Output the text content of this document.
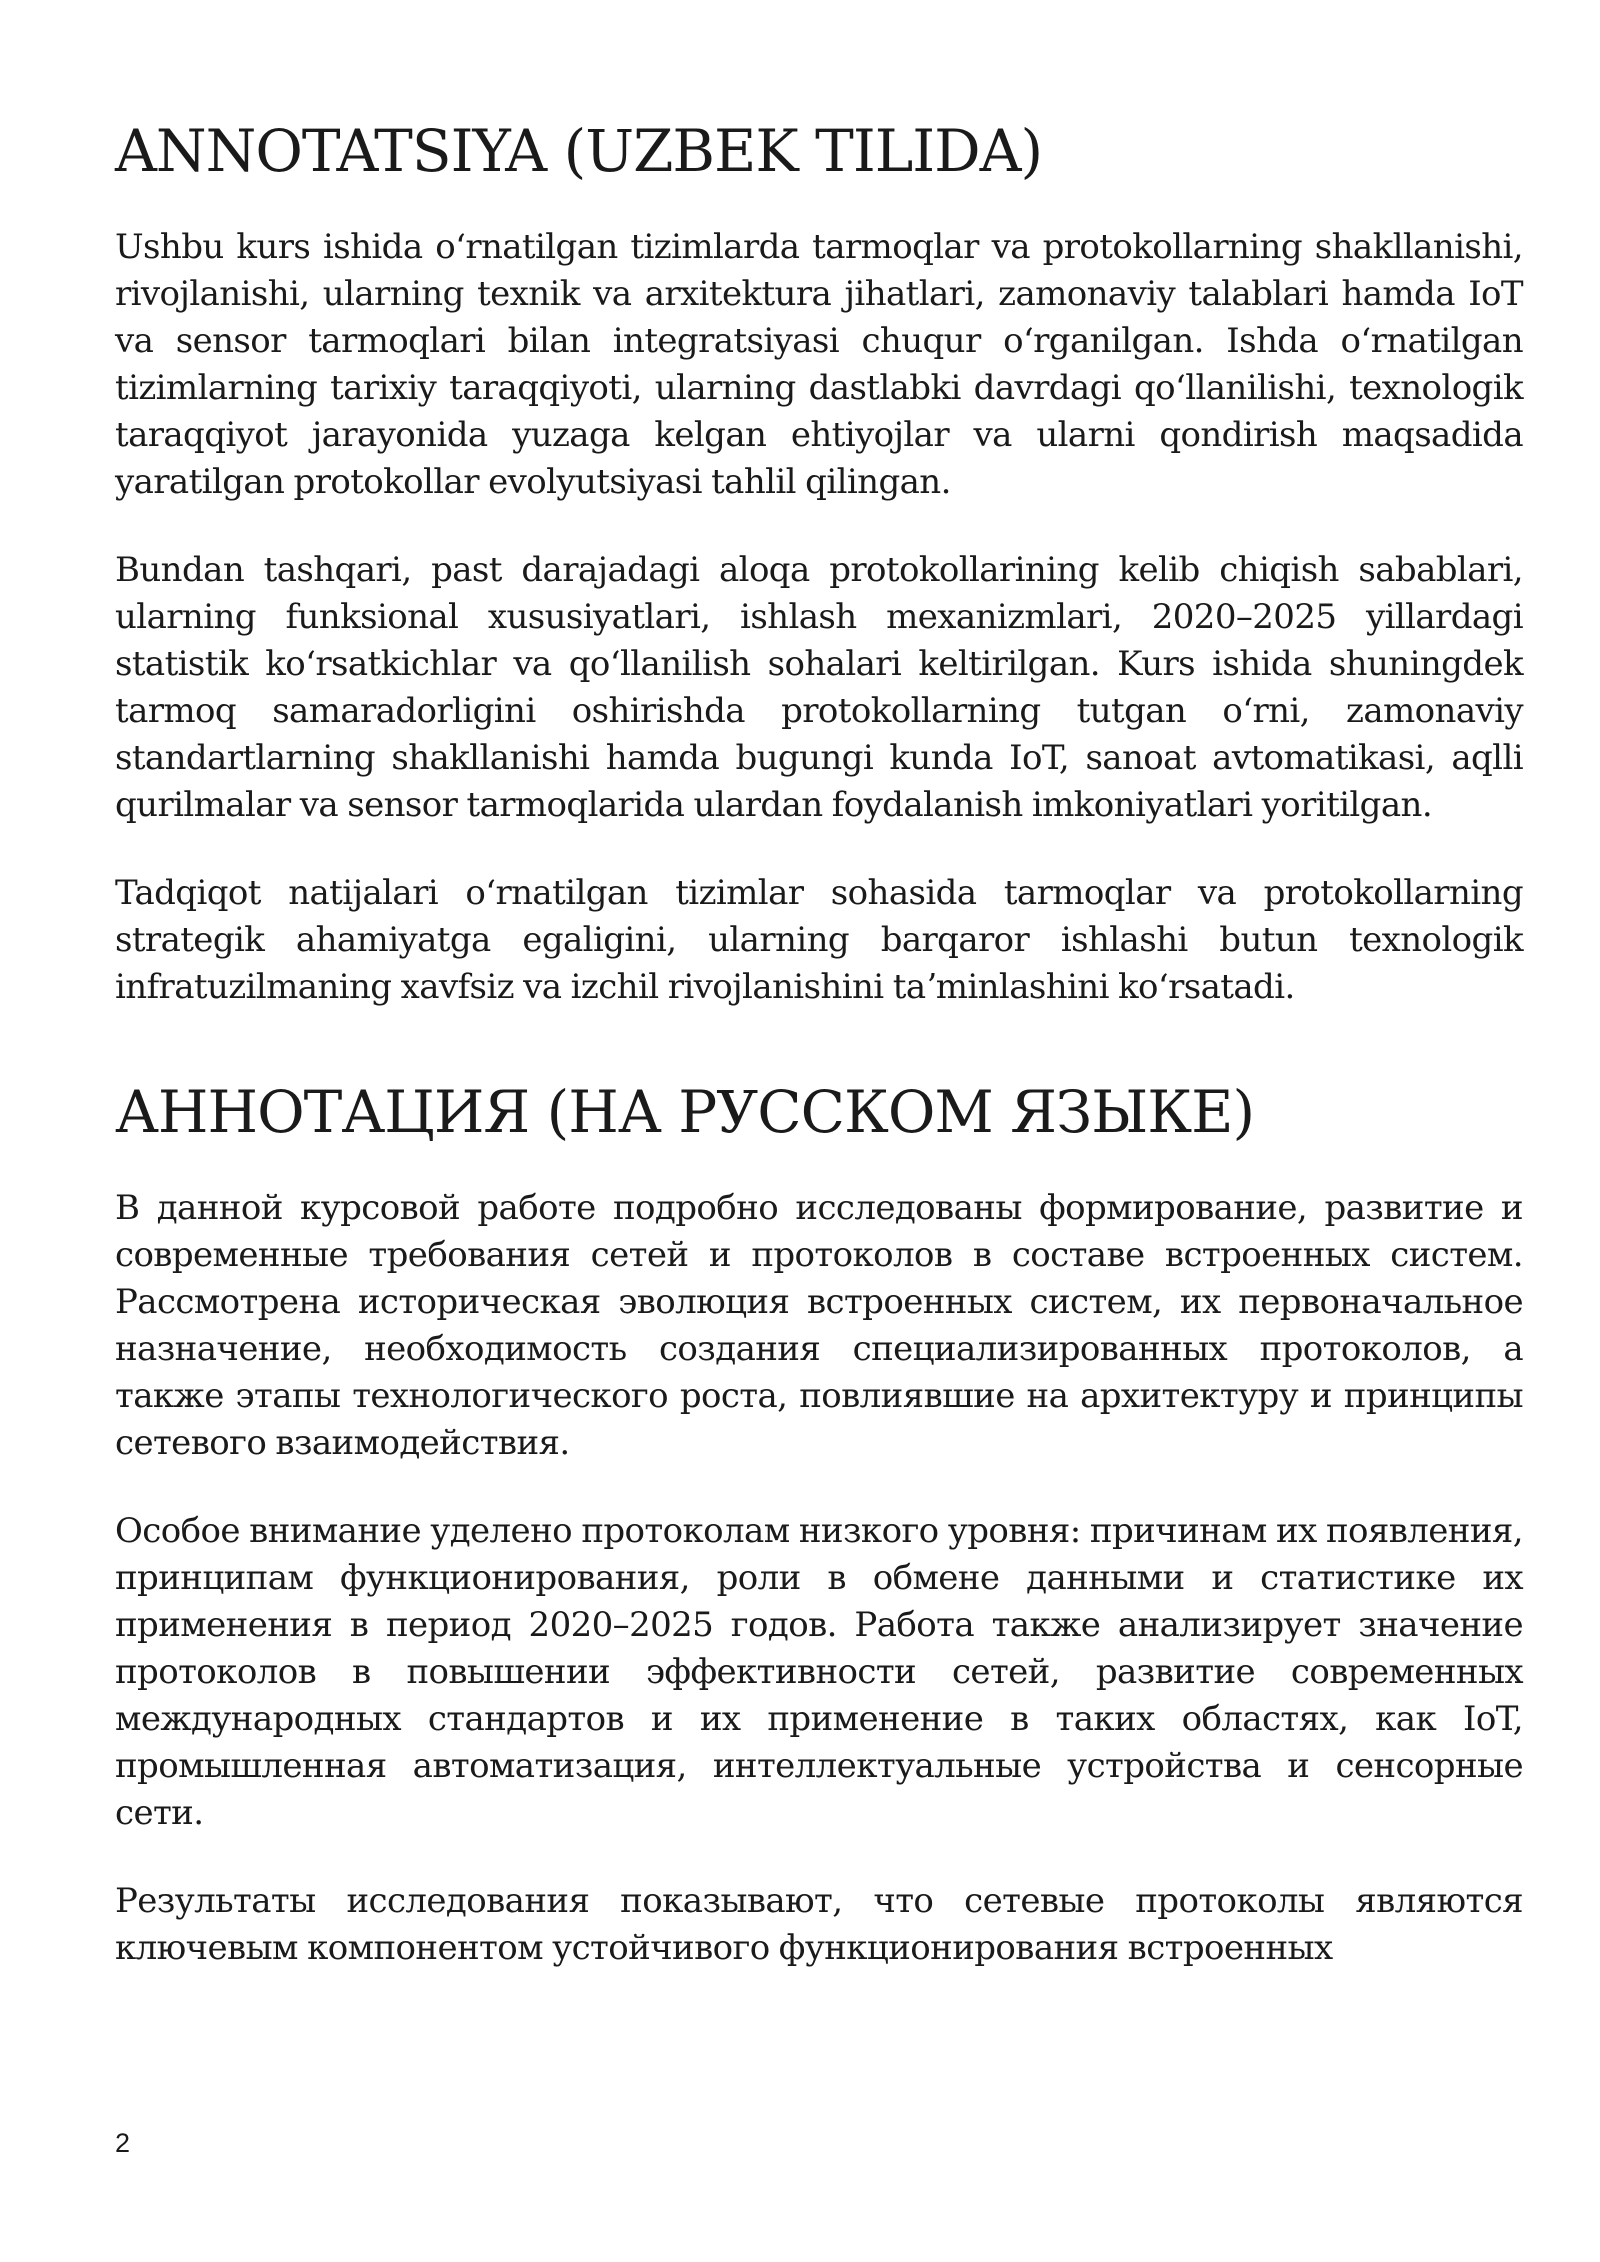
ANNOTATSIYA (UZBEK TILIDA)

Ushbu kurs ishida oʻrnatilgan tizimlarda tarmoqlar va protokollarning shakllanishi, rivojlanishi, ularning texnik va arxitektura jihatlari, zamonaviy talablari hamda IoT va sensor tarmoqlari bilan integratsiyasi chuqur oʻrganilgan. Ishda oʻrnatilgan tizimlarning tarixiy taraqqiyoti, ularning dastlabki davrdagi qoʻllanilishi, texnologik taraqqiyot jarayonida yuzaga kelgan ehtiyojlar va ularni qondirish maqsadida yaratilgan protokollar evolyutsiyasi tahlil qilingan.

Bundan tashqari, past darajadagi aloqa protokollarining kelib chiqish sabablari, ularning funksional xususiyatlari, ishlash mexanizmlari, 2020–2025 yillardagi statistik koʻrsatkichlar va qoʻllanilish sohalari keltirilgan. Kurs ishida shuningdek tarmoq samaradorligini oshirishda protokollarning tutgan oʻrni, zamonaviy standartlarning shakllanishi hamda bugungi kunda IoT, sanoat avtomatikasi, aqlli qurilmalar va sensor tarmoqlarida ulardan foydalanish imkoniyatlari yoritilgan.

Tadqiqot natijalari oʻrnatilgan tizimlar sohasida tarmoqlar va protokollarning strategik ahamiyatga egaligini, ularning barqaror ishlashi butun texnologik infratuzilmaning xavfsiz va izchil rivojlanishini taʼminlashini koʻrsatadi.

АННОТАЦИЯ (НА РУССКОМ ЯЗЫКЕ)

В данной курсовой работе подробно исследованы формирование, развитие и современные требования сетей и протоколов в составе встроенных систем. Рассмотрена историческая эволюция встроенных систем, их первоначальное назначение, необходимость создания специализированных протоколов, а также этапы технологического роста, повлиявшие на архитектуру и принципы сетевого взаимодействия.

Особое внимание уделено протоколам низкого уровня: причинам их появления, принципам функционирования, роли в обмене данными и статистике их применения в период 2020–2025 годов. Работа также анализирует значение протоколов в повышении эффективности сетей, развитие современных международных стандартов и их применение в таких областях, как IoT, промышленная автоматизация, интеллектуальные устройства и сенсорные сети.

Результаты исследования показывают, что сетевые протоколы являются ключевым компонентом устойчивого функционирования встроенных

2
